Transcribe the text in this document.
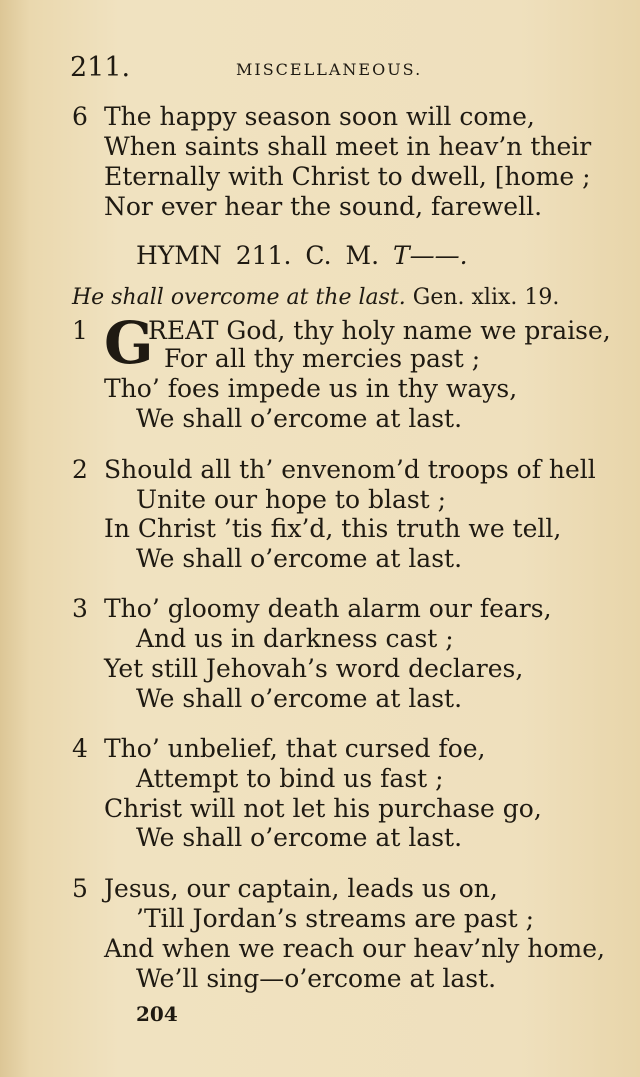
211.	MISCELLANEOUS.
6 The happy season soon will come,
When saints shall meet in heav’n their
Eternally with Christ to dwell, [home ;
Nor ever hear the sound, farewell.
HYMN 211. C. M. T——.
He shall overcome at the last. Gen. xlix. 19.
1 G
REAT God, thy holy name we praise,
For all thy mercies past ;
Tho’ foes impede us in thy ways,
We shall o’ercome at last.
2 Should all th’ envenom’d troops of hell
Unite our hope to blast ;
In Christ ’tis fix’d, this truth we tell,
We shall o’ercome at last.
3 Tho’ gloomy death alarm our fears,
And us in darkness cast ;
Yet still Jehovah’s word declares,
We shall o’ercome at last.
4 Tho’ unbelief, that cursed foe,
Attempt to bind us fast ;
Christ will not let his purchase go,
We shall o’ercome at last.
5 Jesus, our captain, leads us on,
’Till Jordan’s streams are past ;
And when we reach our heav’nly home,
We’ll sing—o’ercome at last.
204
